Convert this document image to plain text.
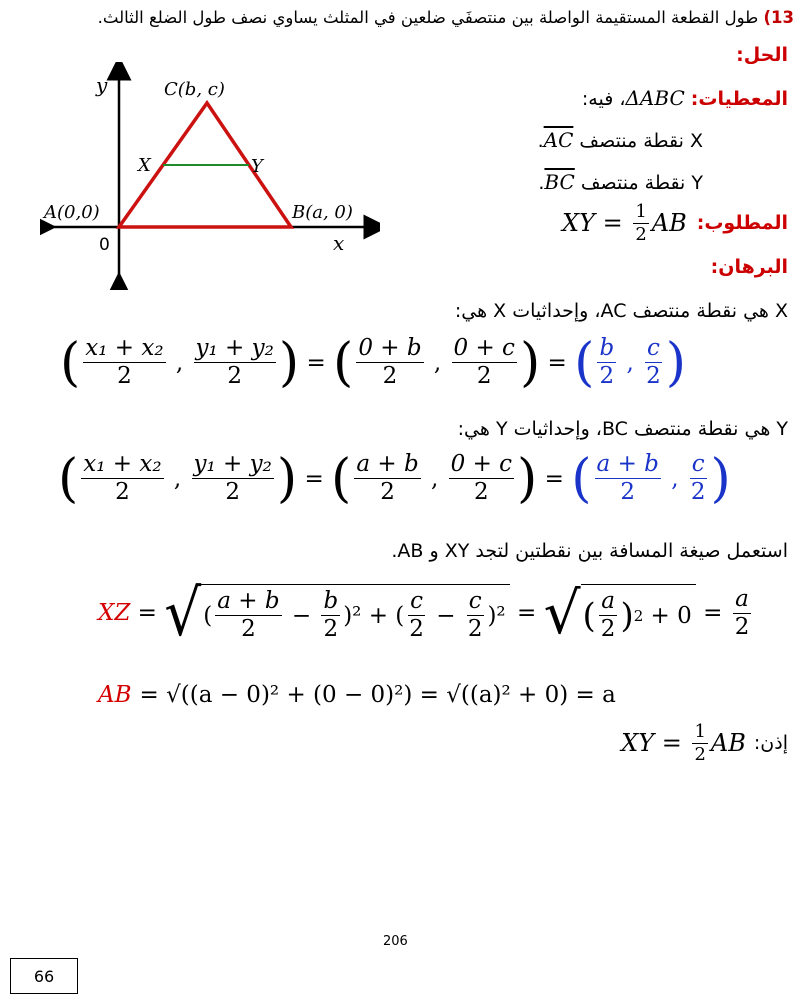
13) طول القطعة المستقيمة الواصلة بين منتصفَي ضلعين في المثلث يساوي نصف طول الضلع الثالث.
الحل:
y
x
0
A(0,0)	B(a, 0)
C(b, c)
X	Y
المعطيات: ΔABC، فيه:
X نقطة منتصف AC.
Y نقطة منتصف BC.
المطلوب:
XY = $\frac{1}{2}$ AB
البرهان:
X هي نقطة منتصف AC، وإحداثيات X هي:
( $\frac{\text{x₁ + x₂}}{2}$ , $\frac{\text{y₁ + y₂}}{2}$ ) = ( $\frac{0 + b}{2}$ , $\frac{0 + c}{2}$ ) = ( $\frac{b}{2}$ , $\frac{c}{2}$ )
Y هي نقطة منتصف BC، وإحداثيات Y هي:
( $\frac{\text{x₁ + x₂}}{2}$ , $\frac{\text{y₁ + y₂}}{2}$ ) = ( $\frac{a + b}{2}$ , $\frac{0 + c}{2}$ ) = ( $\frac{a + b}{2}$ , $\frac{c}{2}$ )
استعمل صيغة المسافة بين نقطتين لتجد XY و AB.
XZ = √ ( $\frac{a + b}{2} - \frac{b}{2} )^2$ + ( $\frac{c}{2} - \frac{c}{2} )^2$ = √ ( $\frac{a}{2}$ ) $2 + 0 = \frac{a}{2}$
AB = √((a − 0)² + (0 − 0)²) = √((a)² + 0) = a
إذن:
XY = $\frac{1}{2}$ AB
206
66
